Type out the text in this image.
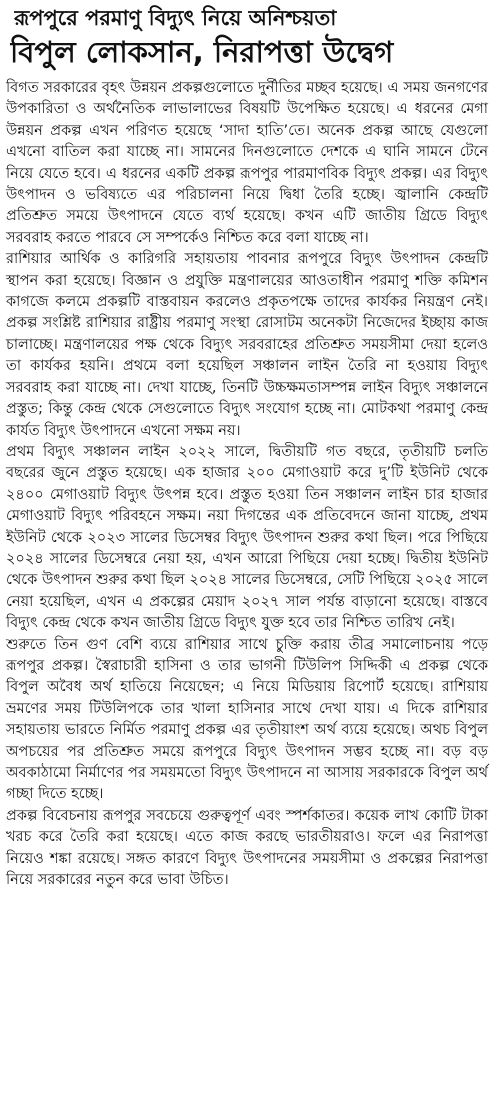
রূপপুরে পরমাণু বিদ্যুৎ নিয়ে অনিশ্চয়তা
বিপুল লোকসান, নিরাপত্তা উদ্বেগ

বিগত সরকারের বৃহৎ উন্নয়ন প্রকল্পগুলোতে দুর্নীতির মচ্ছব হয়েছে। এ সময় জনগণের উপকারিতা ও অর্থনৈতিক লাভালাভের বিষয়টি উপেক্ষিত হয়েছে। এ ধরনের মেগা উন্নয়ন প্রকল্প এখন পরিণত হয়েছে ‘সাদা হাতি’তে। অনেক প্রকল্প আছে যেগুলো এখনো বাতিল করা যাচ্ছে না। সামনের দিনগুলোতে দেশকে এ ঘানি সামনে টেনে নিয়ে যেতে হবে। এ ধরনের একটি প্রকল্প রূপপুর পারমাণবিক বিদ্যুৎ প্রকল্প। এর বিদ্যুৎ উৎপাদন ও ভবিষ্যতে এর পরিচালনা নিয়ে দ্বিধা তৈরি হচ্ছে। জ্বালানি কেন্দ্রটি প্রতিশ্রুত সময়ে উৎপাদনে যেতে ব্যর্থ হয়েছে। কখন এটি জাতীয় গ্রিডে বিদ্যুৎ সরবরাহ করতে পারবে সে সম্পর্কেও নিশ্চিত করে বলা যাচ্ছে না।

রাশিয়ার আর্থিক ও কারিগরি সহায়তায় পাবনার রূপপুরে বিদ্যুৎ উৎপাদন কেন্দ্রটি স্থাপন করা হয়েছে। বিজ্ঞান ও প্রযুক্তি মন্ত্রণালয়ের আওতাধীন পরমাণু শক্তি কমিশন কাগজে কলমে প্রকল্পটি বাস্তবায়ন করলেও প্রকৃতপক্ষে তাদের কার্যকর নিয়ন্ত্রণ নেই। প্রকল্প সংশ্লিষ্ট রাশিয়ার রাষ্ট্রীয় পরমাণু সংস্থা রোসাটম অনেকটা নিজেদের ইচ্ছায় কাজ চালাচ্ছে। মন্ত্রণালয়ের পক্ষ থেকে বিদ্যুৎ সরবরাহের প্রতিশ্রুত সময়সীমা দেয়া হলেও তা কার্যকর হয়নি। প্রথমে বলা হয়েছিল সঞ্চালন লাইন তৈরি না হওয়ায় বিদ্যুৎ সরবরাহ করা যাচ্ছে না। দেখা যাচ্ছে, তিনটি উচ্চক্ষমতাসম্পন্ন লাইন বিদ্যুৎ সঞ্চালনে প্রস্তুত; কিন্তু কেন্দ্র থেকে সেগুলোতে বিদ্যুৎ সংযোগ হচ্ছে না। মোটকথা পরমাণু কেন্দ্র কার্যত বিদ্যুৎ উৎপাদনে এখনো সক্ষম নয়।

প্রথম বিদ্যুৎ সঞ্চালন লাইন ২০২২ সালে, দ্বিতীয়টি গত বছরে, তৃতীয়টি চলতি বছরের জুনে প্রস্তুত হয়েছে। এক হাজার ২০০ মেগাওয়াট করে দু’টি ইউনিট থেকে ২৪০০ মেগাওয়াট বিদ্যুৎ উৎপন্ন হবে। প্রস্তুত হওয়া তিন সঞ্চালন লাইন চার হাজার মেগাওয়াট বিদ্যুৎ পরিবহনে সক্ষম। নয়া দিগন্তের এক প্রতিবেদনে জানা যাচ্ছে, প্রথম ইউনিট থেকে ২০২৩ সালের ডিসেম্বর বিদ্যুৎ উৎপাদন শুরুর কথা ছিল। পরে পিছিয়ে ২০২৪ সালের ডিসেম্বরে নেয়া হয়, এখন আরো পিছিয়ে দেয়া হচ্ছে। দ্বিতীয় ইউনিট থেকে উৎপাদন শুরুর কথা ছিল ২০২৪ সালের ডিসেম্বরে, সেটি পিছিয়ে ২০২৫ সালে নেয়া হয়েছিল, এখন এ প্রকল্পের মেয়াদ ২০২৭ সাল পর্যন্ত বাড়ানো হয়েছে। বাস্তবে বিদ্যুৎ কেন্দ্র থেকে কখন জাতীয় গ্রিডে বিদ্যুৎ যুক্ত হবে তার নিশ্চিত তারিখ নেই।

শুরুতে তিন গুণ বেশি ব্যয়ে রাশিয়ার সাথে চুক্তি করায় তীব্র সমালোচনায় পড়ে রূপপুর প্রকল্প। স্বৈরাচারী হাসিনা ও তার ভাগনী টিউলিপ সিদ্দিকী এ প্রকল্প থেকে বিপুল অবৈধ অর্থ হাতিয়ে নিয়েছেন; এ নিয়ে মিডিয়ায় রিপোর্ট হয়েছে। রাশিয়ায় ভ্রমণের সময় টিউলিপকে তার খালা হাসিনার সাথে দেখা যায়। এ দিকে রাশিয়ার সহায়তায় ভারতে নির্মিত পরমাণু প্রকল্প এর তৃতীয়াংশ অর্থ ব্যয়ে হয়েছে। অথচ বিপুল অপচয়ের পর প্রতিশ্রুত সময়ে রূপপুরে বিদ্যুৎ উৎপাদন সম্ভব হচ্ছে না। বড় বড় অবকাঠামো নির্মাণের পর সময়মতো বিদ্যুৎ উৎপাদনে না আসায় সরকারকে বিপুল অর্থ গচ্ছা দিতে হচ্ছে।

প্রকল্প বিবেচনায় রূপপুর সবচেয়ে গুরুত্বপূর্ণ এবং স্পর্শকাতর। কয়েক লাখ কোটি টাকা খরচ করে তৈরি করা হয়েছে। এতে কাজ করছে ভারতীয়রাও। ফলে এর নিরাপত্তা নিয়েও শঙ্কা রয়েছে। সঙ্গত কারণে বিদ্যুৎ উৎপাদনের সময়সীমা ও প্রকল্পের নিরাপত্তা নিয়ে সরকারের নতুন করে ভাবা উচিত।
